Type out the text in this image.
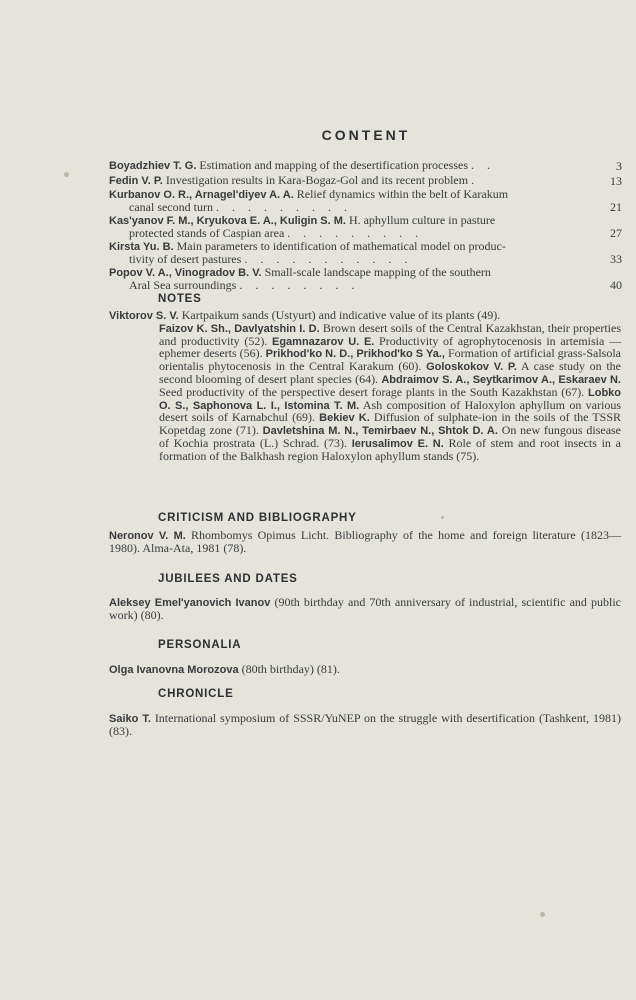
CONTENT
Boyadzhiev T. G. Estimation and mapping of the desertification processes . .	3
Fedin V. P. Investigation results in Kara-Bogaz-Gol and its recent problem .	13
Kurbanov O. R., Arnagel'diyev A. A. Relief dynamics within the belt of Karakum
canal second turn . . . . . . . . .	21
Kas'yanov F. M., Kryukova E. A., Kuligin S. M. H. aphyllum culture in pasture
protected stands of Caspian area . . . . . . . . .	27
Kirsta Yu. B. Main parameters to identification of mathematical model on produc-
tivity of desert pastures . . . . . . . . . . .	33
Popov V. A., Vinogradov B. V. Small-scale landscape mapping of the southern
Aral Sea surroundings . . . . . . . .	40
NOTES
Viktorov S. V. Kartpaikum sands (Ustyurt) and indicative value of its plants (49).
Faizov K. Sh., Davlyatshin I. D. Brown desert soils of the Central Kazakhstan, their properties and productivity (52). Egamnazarov U. E. Productivity of agrophytocenosis in artemisia — ephemer deserts (56). Prikhod'ko N. D., Prikhod'ko S Ya., Formation of artificial grass-Salsola orientalis phytocenosis in the Central Karakum (60). Goloskokov V. P. A case study on the second blooming of desert plant species (64). Abdraimov S. A., Seytkarimov A., Eskaraev N. Seed productivity of the perspective desert forage plants in the South Kazakhstan (67). Lobko O. S., Saphonova L. I., Istomina T. M. Ash composition of Haloxylon aphyllum on various desert soils of Karnabchul (69). Bekiev K. Diffusion of sulphate-ion in the soils of the TSSR Kopetdag zone (71). Davletshina M. N., Temirbaev N., Shtok D. A. On new fungous disease of Kochia prostrata (L.) Schrad. (73). Ierusalimov E. N. Role of stem and root insects in a formation of the Balkhash region Haloxylon aphyllum stands (75).
CRITICISM AND BIBLIOGRAPHY
Neronov V. M. Rhombomys Opimus Licht. Bibliography of the home and foreign literature (1823—1980). Alma-Ata, 1981 (78).
JUBILEES AND DATES
Aleksey Emel'yanovich Ivanov (90th birthday and 70th anniversary of industrial, scientific and public work) (80).
PERSONALIA
Olga Ivanovna Morozova (80th birthday) (81).
CHRONICLE
Saiko T. International symposium of SSSR/YuNEP on the struggle with desertification (Tashkent, 1981) (83).
